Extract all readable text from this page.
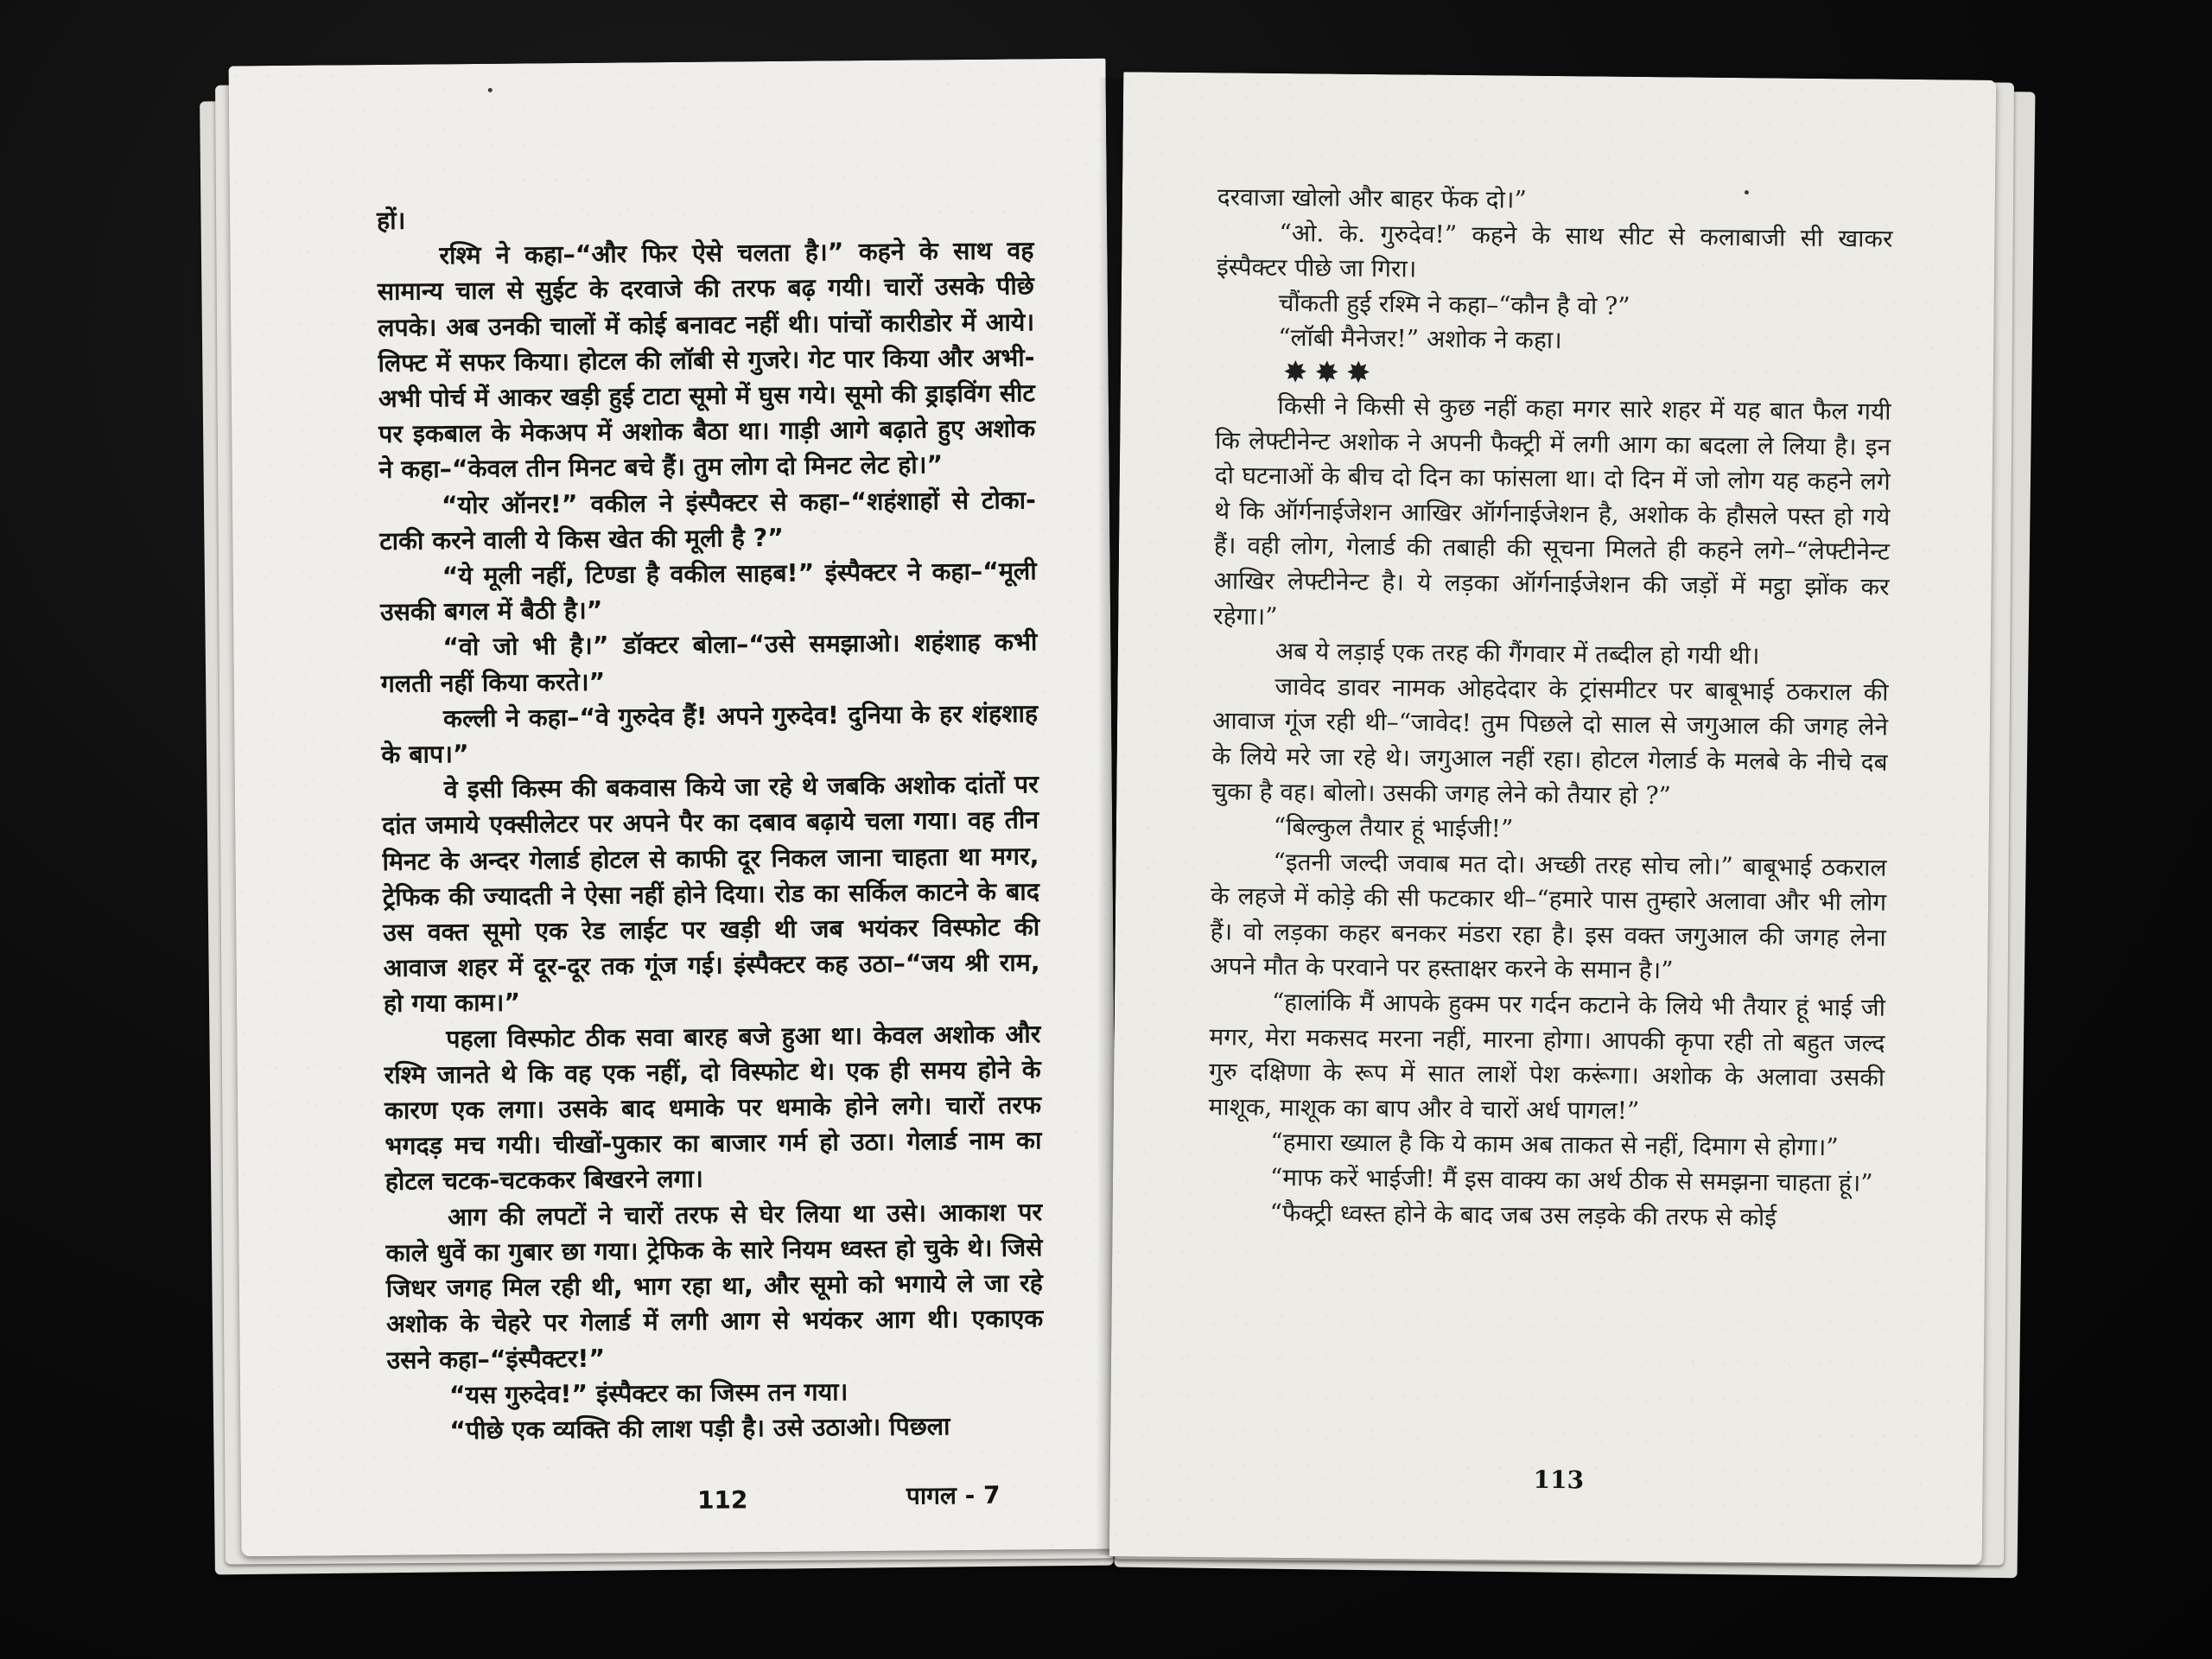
हों।

रश्मि ने कहा–“और फिर ऐसे चलता है।” कहने के साथ वह सामान्य चाल से सुईट के दरवाजे की तरफ बढ़ गयी। चारों उसके पीछे लपके। अब उनकी चालों में कोई बनावट नहीं थी। पांचों कारीडोर में आये। लिफ्ट में सफर किया। होटल की लॉबी से गुजरे। गेट पार किया और अभी-अभी पोर्च में आकर खड़ी हुई टाटा सूमो में घुस गये। सूमो की ड्राइविंग सीट पर इकबाल के मेकअप में अशोक बैठा था। गाड़ी आगे बढ़ाते हुए अशोक ने कहा–“केवल तीन मिनट बचे हैं। तुम लोग दो मिनट लेट हो।”

“योर ऑनर!” वकील ने इंस्पैक्टर से कहा–“शहंशाहों से टोका-टाकी करने वाली ये किस खेत की मूली है ?”

“ये मूली नहीं, टिण्डा है वकील साहब!” इंस्पैक्टर ने कहा–“मूली उसकी बगल में बैठी है।”

“वो जो भी है।” डॉक्टर बोला–“उसे समझाओ। शहंशाह कभी गलती नहीं किया करते।”

कल्ली ने कहा–“वे गुरुदेव हैं! अपने गुरुदेव! दुनिया के हर शंहशाह के बाप।”

वे इसी किस्म की बकवास किये जा रहे थे जबकि अशोक दांतों पर दांत जमाये एक्सीलेटर पर अपने पैर का दबाव बढ़ाये चला गया। वह तीन मिनट के अन्दर गेलार्ड होटल से काफी दूर निकल जाना चाहता था मगर, ट्रेफिक की ज्यादती ने ऐसा नहीं होने दिया। रोड का सर्किल काटने के बाद उस वक्त सूमो एक रेड लाईट पर खड़ी थी जब भयंकर विस्फोट की आवाज शहर में दूर-दूर तक गूंज गई। इंस्पैक्टर कह उठा–“जय श्री राम, हो गया काम।”

पहला विस्फोट ठीक सवा बारह बजे हुआ था। केवल अशोक और रश्मि जानते थे कि वह एक नहीं, दो विस्फोट थे। एक ही समय होने के कारण एक लगा। उसके बाद धमाके पर धमाके होने लगे। चारों तरफ भगदड़ मच गयी। चीखों-पुकार का बाजार गर्म हो उठा। गेलार्ड नाम का होटल चटक-चटककर बिखरने लगा।

आग की लपटों ने चारों तरफ से घेर लिया था उसे। आकाश पर काले धुवें का गुबार छा गया। ट्रेफिक के सारे नियम ध्वस्त हो चुके थे। जिसे जिधर जगह मिल रही थी, भाग रहा था, और सूमो को भगाये ले जा रहे अशोक के चेहरे पर गेलार्ड में लगी आग से भयंकर आग थी। एकाएक उसने कहा–“इंस्पैक्टर!”

“यस गुरुदेव!” इंस्पैक्टर का जिस्म तन गया।

“पीछे एक व्यक्ति की लाश पड़ी है। उसे उठाओ। पिछला

112	पागल - 7

दरवाजा खोलो और बाहर फेंक दो।”

“ओ. के. गुरुदेव!” कहने के साथ सीट से कलाबाजी सी खाकर इंस्पैक्टर पीछे जा गिरा।

चौंकती हुई रश्मि ने कहा–“कौन है वो ?”

“लॉबी मैनेजर!” अशोक ने कहा।

✸✸✸

किसी ने किसी से कुछ नहीं कहा मगर सारे शहर में यह बात फैल गयी कि लेफ्टीनेन्ट अशोक ने अपनी फैक्ट्री में लगी आग का बदला ले लिया है। इन दो घटनाओं के बीच दो दिन का फांसला था। दो दिन में जो लोग यह कहने लगे थे कि ऑर्गनाईजेशन आखिर ऑर्गनाईजेशन है, अशोक के हौसले पस्त हो गये हैं। वही लोग, गेलार्ड की तबाही की सूचना मिलते ही कहने लगे–“लेफ्टीनेन्ट आखिर लेफ्टीनेन्ट है। ये लड़का ऑर्गनाईजेशन की जड़ों में मट्ठा झोंक कर रहेगा।”

अब ये लड़ाई एक तरह की गैंगवार में तब्दील हो गयी थी।

जावेद डावर नामक ओहदेदार के ट्रांसमीटर पर बाबूभाई ठकराल की आवाज गूंज रही थी–“जावेद! तुम पिछले दो साल से जगुआल की जगह लेने के लिये मरे जा रहे थे। जगुआल नहीं रहा। होटल गेलार्ड के मलबे के नीचे दब चुका है वह। बोलो। उसकी जगह लेने को तैयार हो ?”

“बिल्कुल तैयार हूं भाईजी!”

“इतनी जल्दी जवाब मत दो। अच्छी तरह सोच लो।” बाबूभाई ठकराल के लहजे में कोड़े की सी फटकार थी–“हमारे पास तुम्हारे अलावा और भी लोग हैं। वो लड़का कहर बनकर मंडरा रहा है। इस वक्त जगुआल की जगह लेना अपने मौत के परवाने पर हस्ताक्षर करने के समान है।”

“हालांकि मैं आपके हुक्म पर गर्दन कटाने के लिये भी तैयार हूं भाई जी मगर, मेरा मकसद मरना नहीं, मारना होगा। आपकी कृपा रही तो बहुत जल्द गुरु दक्षिणा के रूप में सात लाशें पेश करूंगा। अशोक के अलावा उसकी माशूक, माशूक का बाप और वे चारों अर्ध पागल!”

“हमारा ख्याल है कि ये काम अब ताकत से नहीं, दिमाग से होगा।”

“माफ करें भाईजी! मैं इस वाक्य का अर्थ ठीक से समझना चाहता हूं।”

“फैक्ट्री ध्वस्त होने के बाद जब उस लड़के की तरफ से कोई

113
